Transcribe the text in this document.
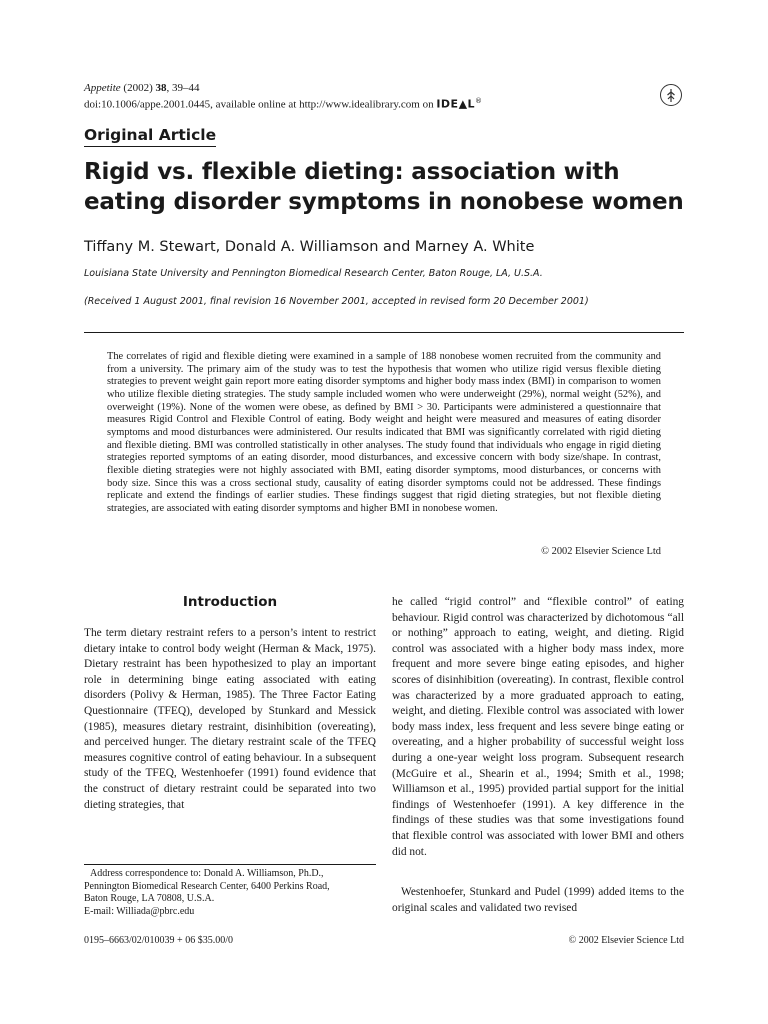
Appetite (2002) 38, 39–44
doi:10.1006/appe.2001.0445, available online at http://www.idealibrary.com on IDE▲L®
Original Article
Rigid vs. flexible dieting: association with eating disorder symptoms in nonobese women
Tiffany M. Stewart, Donald A. Williamson and Marney A. White
Louisiana State University and Pennington Biomedical Research Center, Baton Rouge, LA, U.S.A.
(Received 1 August 2001, final revision 16 November 2001, accepted in revised form 20 December 2001)

The correlates of rigid and flexible dieting were examined in a sample of 188 nonobese women recruited from the community and from a university. The primary aim of the study was to test the hypothesis that women who utilize rigid versus flexible dieting strategies to prevent weight gain report more eating disorder symptoms and higher body mass index (BMI) in comparison to women who utilize flexible dieting strategies. The study sample included women who were underweight (29%), normal weight (52%), and overweight (19%). None of the women were obese, as defined by BMI > 30. Participants were administered a questionnaire that measures Rigid Control and Flexible Control of eating. Body weight and height were measured and measures of eating disorder symptoms and mood disturbances were administered. Our results indicated that BMI was significantly correlated with rigid dieting and flexible dieting. BMI was controlled statistically in other analyses. The study found that individuals who engage in rigid dieting strategies reported symptoms of an eating disorder, mood disturbances, and excessive concern with body size/shape. In contrast, flexible dieting strategies were not highly associated with BMI, eating disorder symptoms, mood disturbances, or concerns with body size. Since this was a cross sectional study, causality of eating disorder symptoms could not be addressed. These findings replicate and extend the findings of earlier studies. These findings suggest that rigid dieting strategies, but not flexible dieting strategies, are associated with eating disorder symptoms and higher BMI in nonobese women.

© 2002 Elsevier Science Ltd
Introduction

The term dietary restraint refers to a person’s intent to restrict dietary intake to control body weight (Herman & Mack, 1975). Dietary restraint has been hypothesized to play an important role in determining binge eating associated with eating disorders (Polivy & Herman, 1985). The Three Factor Eating Questionnaire (TFEQ), developed by Stunkard and Messick (1985), measures dietary restraint, disinhibition (overeating), and perceived hunger. The dietary restraint scale of the TFEQ measures cognitive control of eating behaviour. In a subsequent study of the TFEQ, Westenhoefer (1991) found evidence that the construct of dietary restraint could be separated into two dieting strategies, that

he called “rigid control” and “flexible control” of eating behaviour. Rigid control was characterized by dichotomous “all or nothing” approach to eating, weight, and dieting. Rigid control was associated with a higher body mass index, more frequent and more severe binge eating episodes, and higher scores of disinhibition (overeating). In contrast, flexible control was characterized by a more graduated approach to eating, weight, and dieting. Flexible control was associated with lower body mass index, less frequent and less severe binge eating or overeating, and a higher probability of successful weight loss during a one-year weight loss program. Subsequent research (McGuire et al., Shearin et al., 1994; Smith et al., 1998; Williamson et al., 1995) provided partial support for the initial findings of Westenhoefer (1991). A key difference in the findings of these studies was that some investigations found that flexible control was associated with lower BMI and others did not.

Westenhoefer, Stunkard and Pudel (1999) added items to the original scales and validated two revised

Address correspondence to: Donald A. Williamson, Ph.D.,
Pennington Biomedical Research Center, 6400 Perkins Road,
Baton Rouge, LA 70808, U.S.A.
E-mail: Williada@pbrc.edu
0195–6663/02/010039 + 06 $35.00/0	© 2002 Elsevier Science Ltd
